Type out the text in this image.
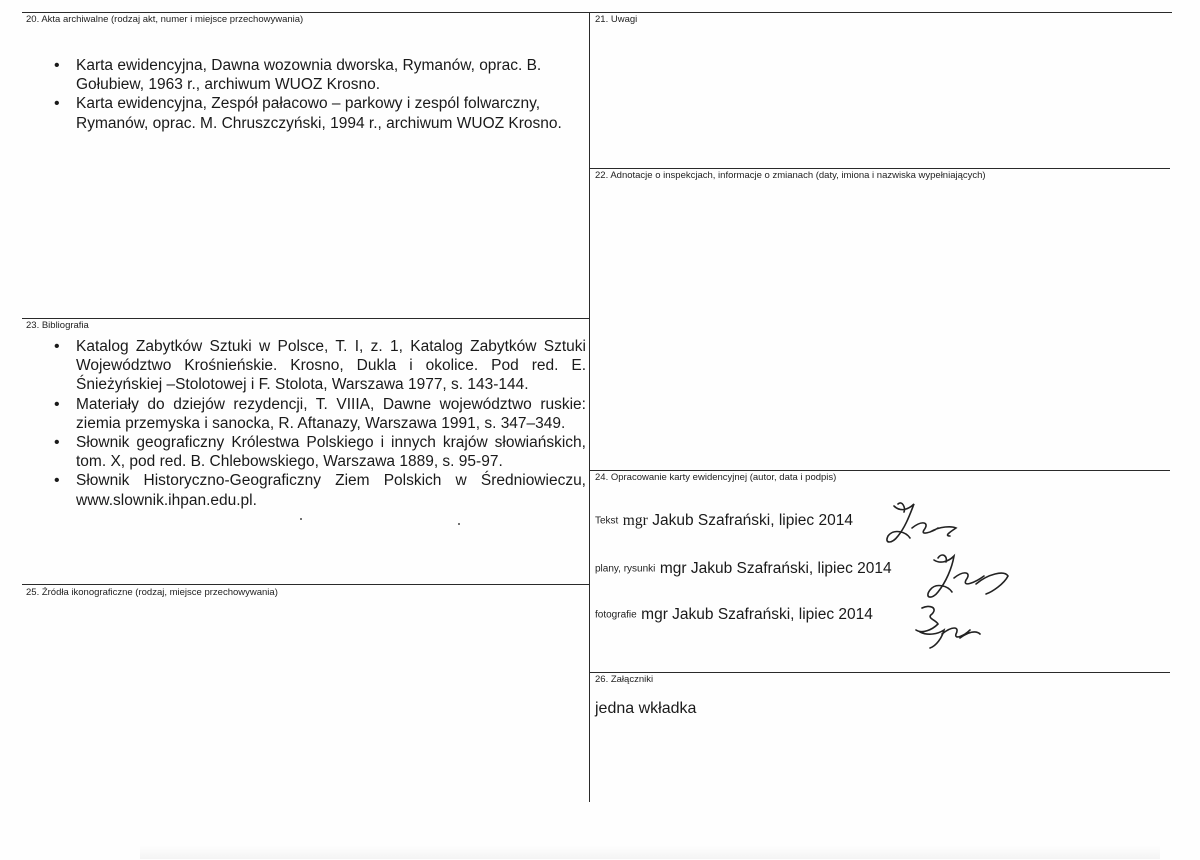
20. Akta archiwalne (rodzaj akt, numer i miejsce przechowywania)
• Karta ewidencyjna, Dawna wozownia dworska, Rymanów, oprac. B. Gołubiew, 1963 r., archiwum WUOZ Krosno.
• Karta ewidencyjna, Zespół pałacowo – parkowy i zespól folwarczny, Rymanów, oprac. M. Chruszczyński, 1994 r., archiwum WUOZ Krosno.
21. Uwagi
22. Adnotacje o inspekcjach, informacje o zmianach (daty, imiona i nazwiska wypełniających)
23. Bibliografia
• Katalog Zabytków Sztuki w Polsce, T. I, z. 1, Katalog Zabytków Sztuki Województwo Krośnieńskie. Krosno, Dukla i okolice. Pod red. E. Śnieżyńskiej –Stolotowej i F. Stolota, Warszawa 1977, s. 143-144.
• Materiały do dziejów rezydencji, T. VIIIA, Dawne województwo ruskie: ziemia przemyska i sanocka, R. Aftanazy, Warszawa 1991, s. 347–349.
• Słownik geograficzny Królestwa Polskiego i innych krajów słowiańskich, tom. X, pod red. B. Chlebowskiego, Warszawa 1889, s. 95-97.
• Słownik Historyczno-Geograficzny Ziem Polskich w Średniowieczu, www.slownik.ihpan.edu.pl.
24. Opracowanie karty ewidencyjnej (autor, data i podpis)
Tekst mgr Jakub Szafrański, lipiec 2014
plany, rysunki mgr Jakub Szafrański, lipiec 2014
fotografie mgr Jakub Szafrański, lipiec 2014
25. Źródła ikonograficzne (rodzaj, miejsce przechowywania)
26. Załączniki
jedna wkładka
